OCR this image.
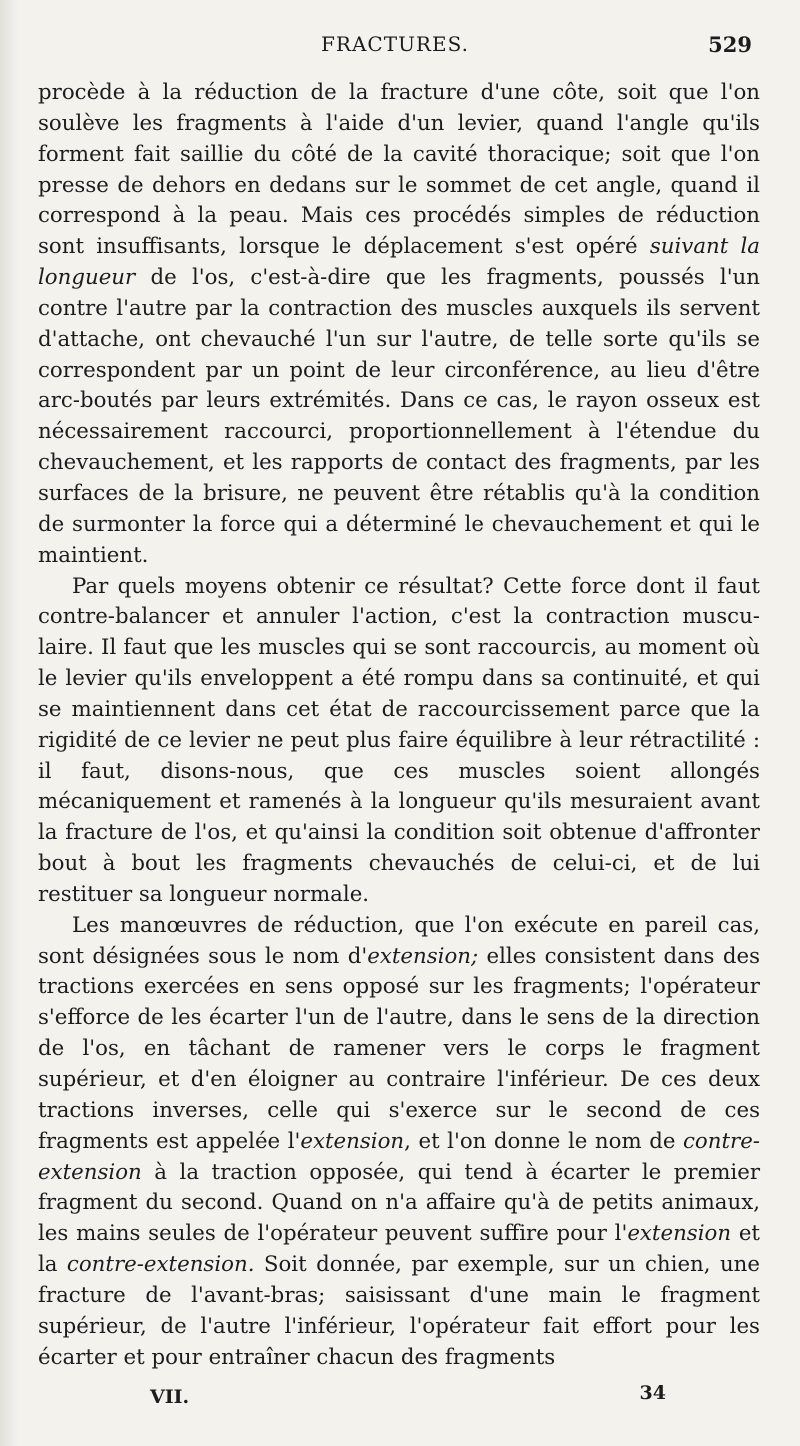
FRACTURES.	529

procède à la réduction de la fracture d'une côte, soit que l'on soulève les fragments à l'aide d'un levier, quand l'angle qu'ils forment fait saillie du côté de la cavité thoracique; soit que l'on presse de dehors en dedans sur le sommet de cet angle, quand il correspond à la peau. Mais ces procédés simples de réduction sont insuffisants, lorsque le déplacement s'est opéré suivant la longueur de l'os, c'est-à-dire que les fragments, poussés l'un contre l'autre par la contraction des muscles auxquels ils servent d'attache, ont chevauché l'un sur l'autre, de telle sorte qu'ils se correspondent par un point de leur circonférence, au lieu d'être arc-boutés par leurs extrémités. Dans ce cas, le rayon osseux est nécessairement raccourci, proportionnellement à l'étendue du chevauchement, et les rapports de contact des fragments, par les surfaces de la brisure, ne peuvent être rétablis qu'à la condition de surmonter la force qui a déterminé le chevauchement et qui le maintient.

Par quels moyens obtenir ce résultat? Cette force dont il faut contre-balancer et annuler l'action, c'est la contraction musculaire. Il faut que les muscles qui se sont raccourcis, au moment où le levier qu'ils enveloppent a été rompu dans sa continuité, et qui se maintiennent dans cet état de raccourcissement parce que la rigidité de ce levier ne peut plus faire équilibre à leur rétractilité : il faut, disons-nous, que ces muscles soient allongés mécaniquement et ramenés à la longueur qu'ils mesuraient avant la fracture de l'os, et qu'ainsi la condition soit obtenue d'affronter bout à bout les fragments chevauchés de celui-ci, et de lui restituer sa longueur normale.

Les manœuvres de réduction, que l'on exécute en pareil cas, sont désignées sous le nom d'extension; elles consistent dans des tractions exercées en sens opposé sur les fragments; l'opérateur s'efforce de les écarter l'un de l'autre, dans le sens de la direction de l'os, en tâchant de ramener vers le corps le fragment supérieur, et d'en éloigner au contraire l'inférieur. De ces deux tractions inverses, celle qui s'exerce sur le second de ces fragments est appelée l'extension, et l'on donne le nom de contre-extension à la traction opposée, qui tend à écarter le premier fragment du second. Quand on n'a affaire qu'à de petits animaux, les mains seules de l'opérateur peuvent suffire pour l'extension et la contre-extension. Soit donnée, par exemple, sur un chien, une fracture de l'avant-bras; saisissant d'une main le fragment supérieur, de l'autre l'inférieur, l'opérateur fait effort pour les écarter et pour entraîner chacun des fragments

VII.	34
